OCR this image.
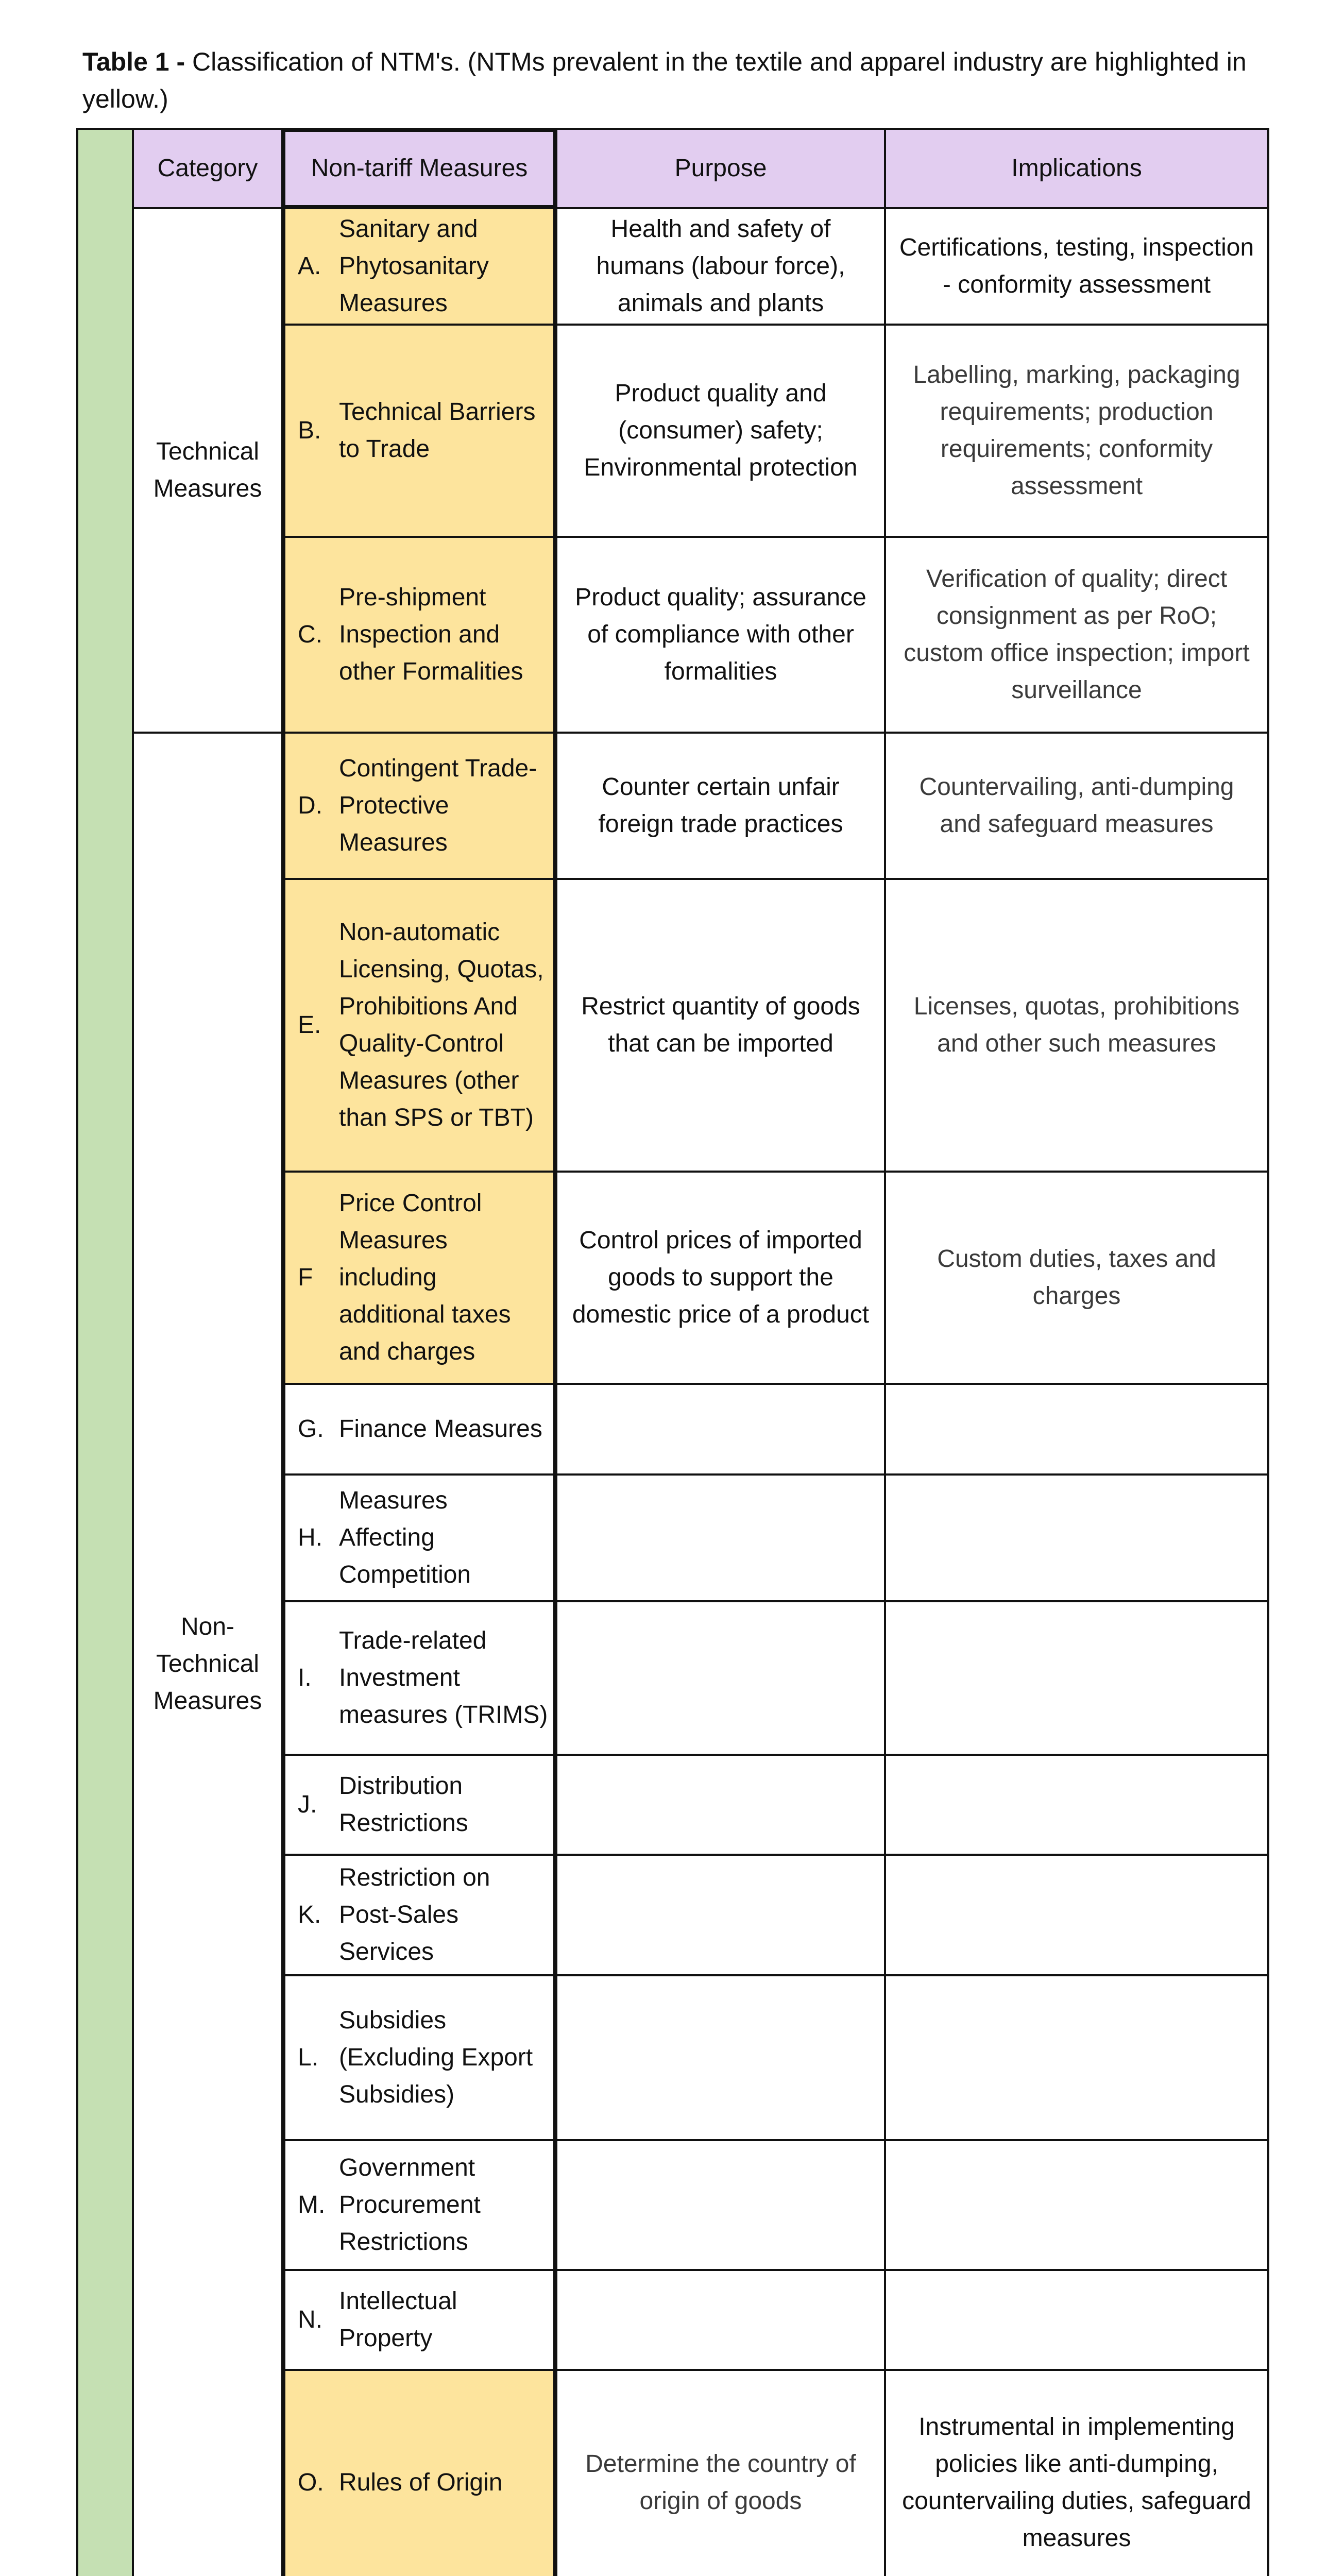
Table 1 - Classification of NTM's. (NTMs prevalent in the textile and apparel industry are highlighted in yellow.)
Category Non-tariff Measures	Purpose	Implications
Technical Measures
Non-Technical Measures
A.
Sanitary and Phytosanitary Measures
Health and safety of humans (labour force), animals and plants
Certifications, testing, inspection - conformity assessment
B.
Technical Barriers to Trade
Product quality and (consumer) safety; Environmental protection
Labelling, marking, packaging requirements; production requirements; conformity assessment
C.
Pre-shipment Inspection and other Formalities
Product quality; assurance of compliance with other formalities
Verification of quality; direct consignment as per RoO; custom office inspection; import surveillance
D.
Contingent Trade-Protective Measures
Counter certain unfair foreign trade practices
Countervailing, anti-dumping and safeguard measures
E.
Non-automatic Licensing, Quotas, Prohibitions And Quality-Control Measures (other than SPS or TBT)
Restrict quantity of goods that can be imported
Licenses, quotas, prohibitions and other such measures
F
Price Control Measures including additional taxes and charges
Control prices of imported goods to support the domestic price of a product
Custom duties, taxes and charges
G. Finance Measures
H.
Measures Affecting Competition
I.
Trade-related Investment measures (TRIMS)
J.
Distribution Restrictions
K.
Restriction on Post-Sales Services
L.
Subsidies (Excluding Export Subsidies)
M.
Government Procurement Restrictions
N.
Intellectual Property
O. Rules of Origin
Determine the country of origin of goods
Instrumental in implementing policies like anti-dumping, countervailing duties, safeguard measures
